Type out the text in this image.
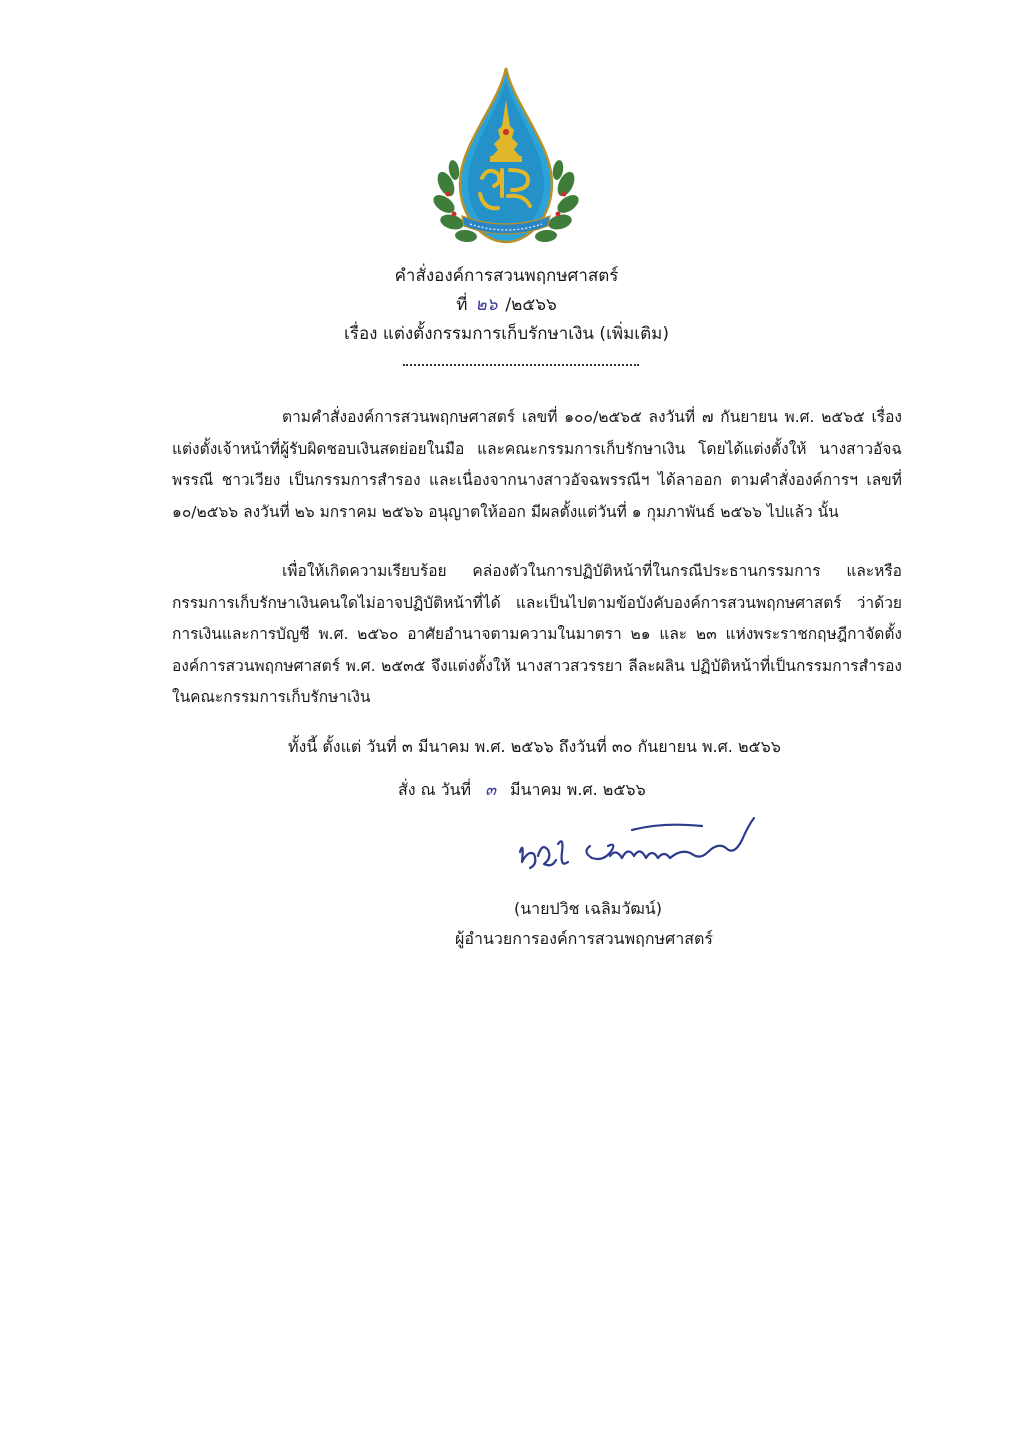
คำสั่งองค์การสวนพฤกษศาสตร์
ที่ ๒๖ /๒๕๖๖
เรื่อง แต่งตั้งกรรมการเก็บรักษาเงิน (เพิ่มเติม)
ตามคำสั่งองค์การสวนพฤกษศาสตร์ เลขที่ ๑๐๐/๒๕๖๕ ลงวันที่ ๗ กันยายน พ.ศ. ๒๕๖๕ เรื่อง แต่งตั้งเจ้าหน้าที่ผู้รับผิดชอบเงินสดย่อยในมือ และคณะกรรมการเก็บรักษาเงิน โดยได้แต่งตั้งให้ นางสาวอัจฉพรรณี ชาวเวียง เป็นกรรมการสำรอง และเนื่องจากนางสาวอัจฉพรรณีฯ ได้ลาออก ตามคำสั่งองค์การฯ เลขที่ ๑๐/๒๕๖๖ ลงวันที่ ๒๖ มกราคม ๒๕๖๖ อนุญาตให้ออก มีผลตั้งแต่วันที่ ๑ กุมภาพันธ์ ๒๕๖๖ ไปแล้ว นั้น
เพื่อให้เกิดความเรียบร้อย คล่องตัวในการปฏิบัติหน้าที่ในกรณีประธานกรรมการ และหรือกรรมการเก็บรักษาเงินคนใดไม่อาจปฏิบัติหน้าที่ได้ และเป็นไปตามข้อบังคับองค์การสวนพฤกษศาสตร์ ว่าด้วยการเงินและการบัญชี พ.ศ. ๒๕๖๐ อาศัยอำนาจตามความในมาตรา ๒๑ และ ๒๓ แห่งพระราชกฤษฎีกาจัดตั้งองค์การสวนพฤกษศาสตร์ พ.ศ. ๒๕๓๕ จึงแต่งตั้งให้ นางสาวสวรรยา ลีละผลิน ปฏิบัติหน้าที่เป็นกรรมการสำรอง ในคณะกรรมการเก็บรักษาเงิน
ทั้งนี้ ตั้งแต่ วันที่ ๓ มีนาคม พ.ศ. ๒๕๖๖ ถึงวันที่ ๓๐ กันยายน พ.ศ. ๒๕๖๖
สั่ง ณ วันที่ ๓ มีนาคม พ.ศ. ๒๕๖๖
(นายปวิช เฉลิมวัฒน์)
ผู้อำนวยการองค์การสวนพฤกษศาสตร์
